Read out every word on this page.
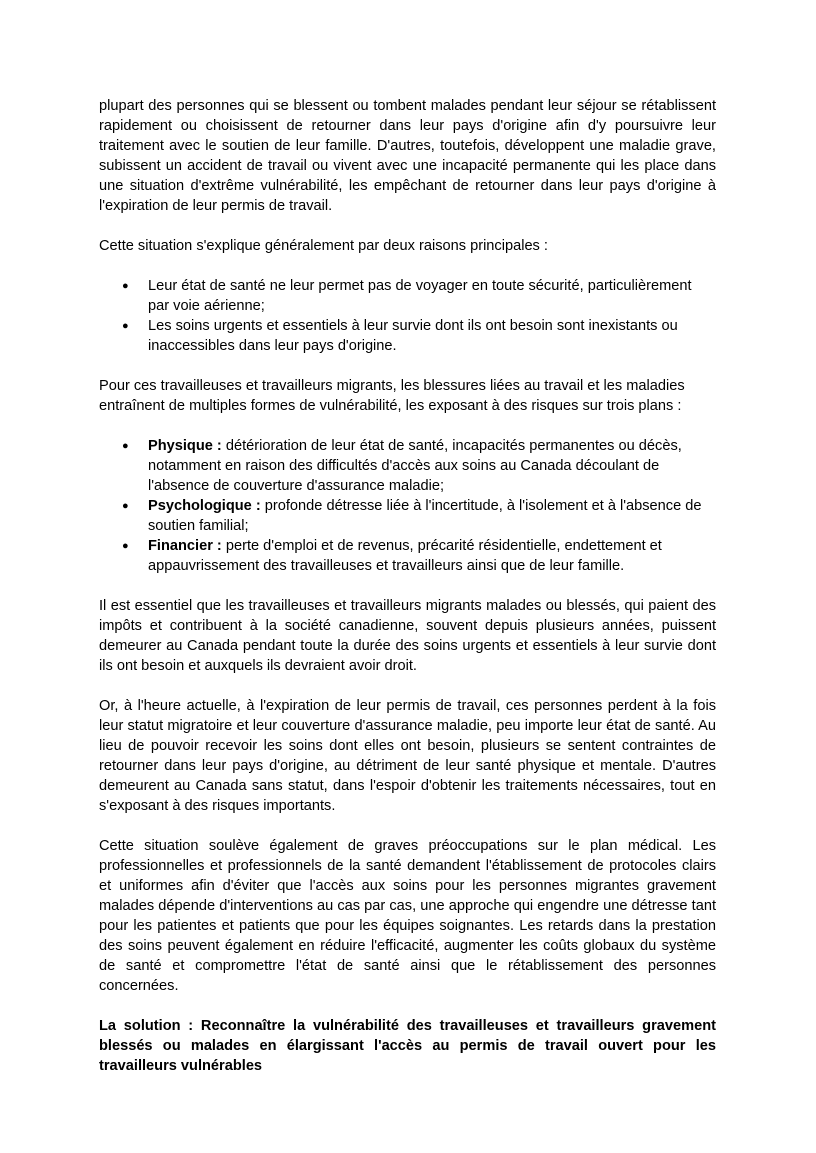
plupart des personnes qui se blessent ou tombent malades pendant leur séjour se rétablissent rapidement ou choisissent de retourner dans leur pays d'origine afin d'y poursuivre leur traitement avec le soutien de leur famille. D'autres, toutefois, développent une maladie grave, subissent un accident de travail ou vivent avec une incapacité permanente qui les place dans une situation d'extrême vulnérabilité, les empêchant de retourner dans leur pays d'origine à l'expiration de leur permis de travail.

Cette situation s'explique généralement par deux raisons principales :

● Leur état de santé ne leur permet pas de voyager en toute sécurité, particulièrement par voie aérienne;
● Les soins urgents et essentiels à leur survie dont ils ont besoin sont inexistants ou inaccessibles dans leur pays d'origine.

Pour ces travailleuses et travailleurs migrants, les blessures liées au travail et les maladies entraînent de multiples formes de vulnérabilité, les exposant à des risques sur trois plans :

● Physique : détérioration de leur état de santé, incapacités permanentes ou décès, notamment en raison des difficultés d'accès aux soins au Canada découlant de l'absence de couverture d'assurance maladie;
● Psychologique : profonde détresse liée à l'incertitude, à l'isolement et à l'absence de soutien familial;
● Financier : perte d'emploi et de revenus, précarité résidentielle, endettement et appauvrissement des travailleuses et travailleurs ainsi que de leur famille.

Il est essentiel que les travailleuses et travailleurs migrants malades ou blessés, qui paient des impôts et contribuent à la société canadienne, souvent depuis plusieurs années, puissent demeurer au Canada pendant toute la durée des soins urgents et essentiels à leur survie dont ils ont besoin et auxquels ils devraient avoir droit.

Or, à l'heure actuelle, à l'expiration de leur permis de travail, ces personnes perdent à la fois leur statut migratoire et leur couverture d'assurance maladie, peu importe leur état de santé. Au lieu de pouvoir recevoir les soins dont elles ont besoin, plusieurs se sentent contraintes de retourner dans leur pays d'origine, au détriment de leur santé physique et mentale. D'autres demeurent au Canada sans statut, dans l'espoir d'obtenir les traitements nécessaires, tout en s'exposant à des risques importants.

Cette situation soulève également de graves préoccupations sur le plan médical. Les professionnelles et professionnels de la santé demandent l'établissement de protocoles clairs et uniformes afin d'éviter que l'accès aux soins pour les personnes migrantes gravement malades dépende d'interventions au cas par cas, une approche qui engendre une détresse tant pour les patientes et patients que pour les équipes soignantes. Les retards dans la prestation des soins peuvent également en réduire l'efficacité, augmenter les coûts globaux du système de santé et compromettre l'état de santé ainsi que le rétablissement des personnes concernées.

La solution : Reconnaître la vulnérabilité des travailleuses et travailleurs gravement blessés ou malades en élargissant l'accès au permis de travail ouvert pour les travailleurs vulnérables
